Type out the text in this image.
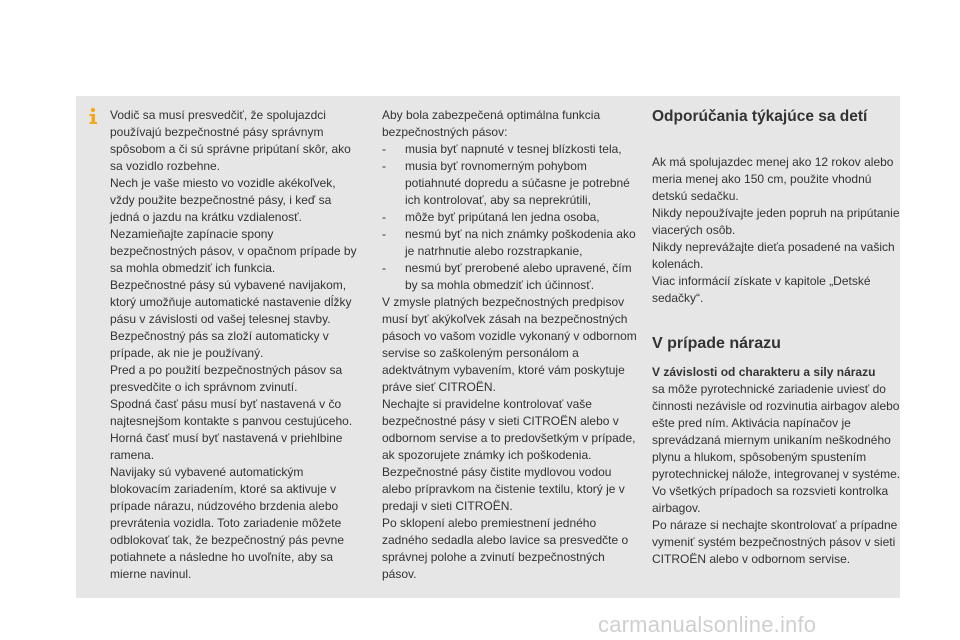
Vodič sa musí presvedčiť, že spolujazdci používajú bezpečnostné pásy správnym spôsobom a či sú správne pripútaní skôr, ako sa vozidlo rozbehne.

Nech je vaše miesto vo vozidle akékoľvek, vždy použite bezpečnostné pásy, i keď sa jedná o jazdu na krátku vzdialenosť.

Nezamieňajte zapínacie spony bezpečnostných pásov, v opačnom prípade by sa mohla obmedziť ich funkcia.

Bezpečnostné pásy sú vybavené navijakom, ktorý umožňuje automatické nastavenie dĺžky pásu v závislosti od vašej telesnej stavby.

Bezpečnostný pás sa zloží automaticky v prípade, ak nie je používaný.

Pred a po použití bezpečnostných pásov sa presvedčite o ich správnom zvinutí.

Spodná časť pásu musí byť nastavená v čo najtesnejšom kontakte s panvou cestujúceho.

Horná časť musí byť nastavená v priehlbine ramena.

Navijaky sú vybavené automatickým blokovacím zariadením, ktoré sa aktivuje v prípade nárazu, núdzového brzdenia alebo prevrátenia vozidla. Toto zariadenie môžete odblokovať tak, že bezpečnostný pás pevne potiahnete a následne ho uvoľníte, aby sa mierne navinul.

Aby bola zabezpečená optimálna funkcia bezpečnostných pásov:

- musia byť napnuté v tesnej blízkosti tela,
- musia byť rovnomerným pohybom potiahnuté dopredu a súčasne je potrebné ich kontrolovať, aby sa neprekrútili,
- môže byť pripútaná len jedna osoba,
- nesmú byť na nich známky poškodenia ako je natrhnutie alebo rozstrapkanie,
- nesmú byť prerobené alebo upravené, čím by sa mohla obmedziť ich účinnosť.

V zmysle platných bezpečnostných predpisov musí byť akýkoľvek zásah na bezpečnostných pásoch vo vašom vozidle vykonaný v odbornom servise so zaškoleným personálom a adektvátnym vybavením, ktoré vám poskytuje práve sieť CITROËN.

Nechajte si pravidelne kontrolovať vaše bezpečnostné pásy v sieti CITROËN alebo v odbornom servise a to predovšetkým v prípade, ak spozorujete známky ich poškodenia.

Bezpečnostné pásy čistite mydlovou vodou alebo prípravkom na čistenie textilu, ktorý je v predaji v sieti CITROËN.

Po sklopení alebo premiestnení jedného zadného sedadla alebo lavice sa presvedčte o správnej polohe a zvinutí bezpečnostných pásov.

Odporúčania týkajúce sa detí

Ak má spolujazdec menej ako 12 rokov alebo meria menej ako 150 cm, použite vhodnú detskú sedačku.

Nikdy nepoužívajte jeden popruh na pripútanie viacerých osôb.

Nikdy neprevážajte dieťa posadené na vašich kolenách.

Viac informácií získate v kapitole „Detské sedačky“.

V prípade nárazu

V závislosti od charakteru a sily nárazu
sa môže pyrotechnické zariadenie uviesť do činnosti nezávisle od rozvinutia airbagov alebo ešte pred ním. Aktivácia napínačov je sprevádzaná miernym unikaním neškodného plynu a hlukom, spôsobeným spustením pyrotechnickej nálože, integrovanej v systéme.

Vo všetkých prípadoch sa rozsvieti kontrolka airbagov.

Po náraze si nechajte skontrolovať a prípadne vymeniť systém bezpečnostných pásov v sieti CITROËN alebo v odbornom servise.

carmanualsonline.info
